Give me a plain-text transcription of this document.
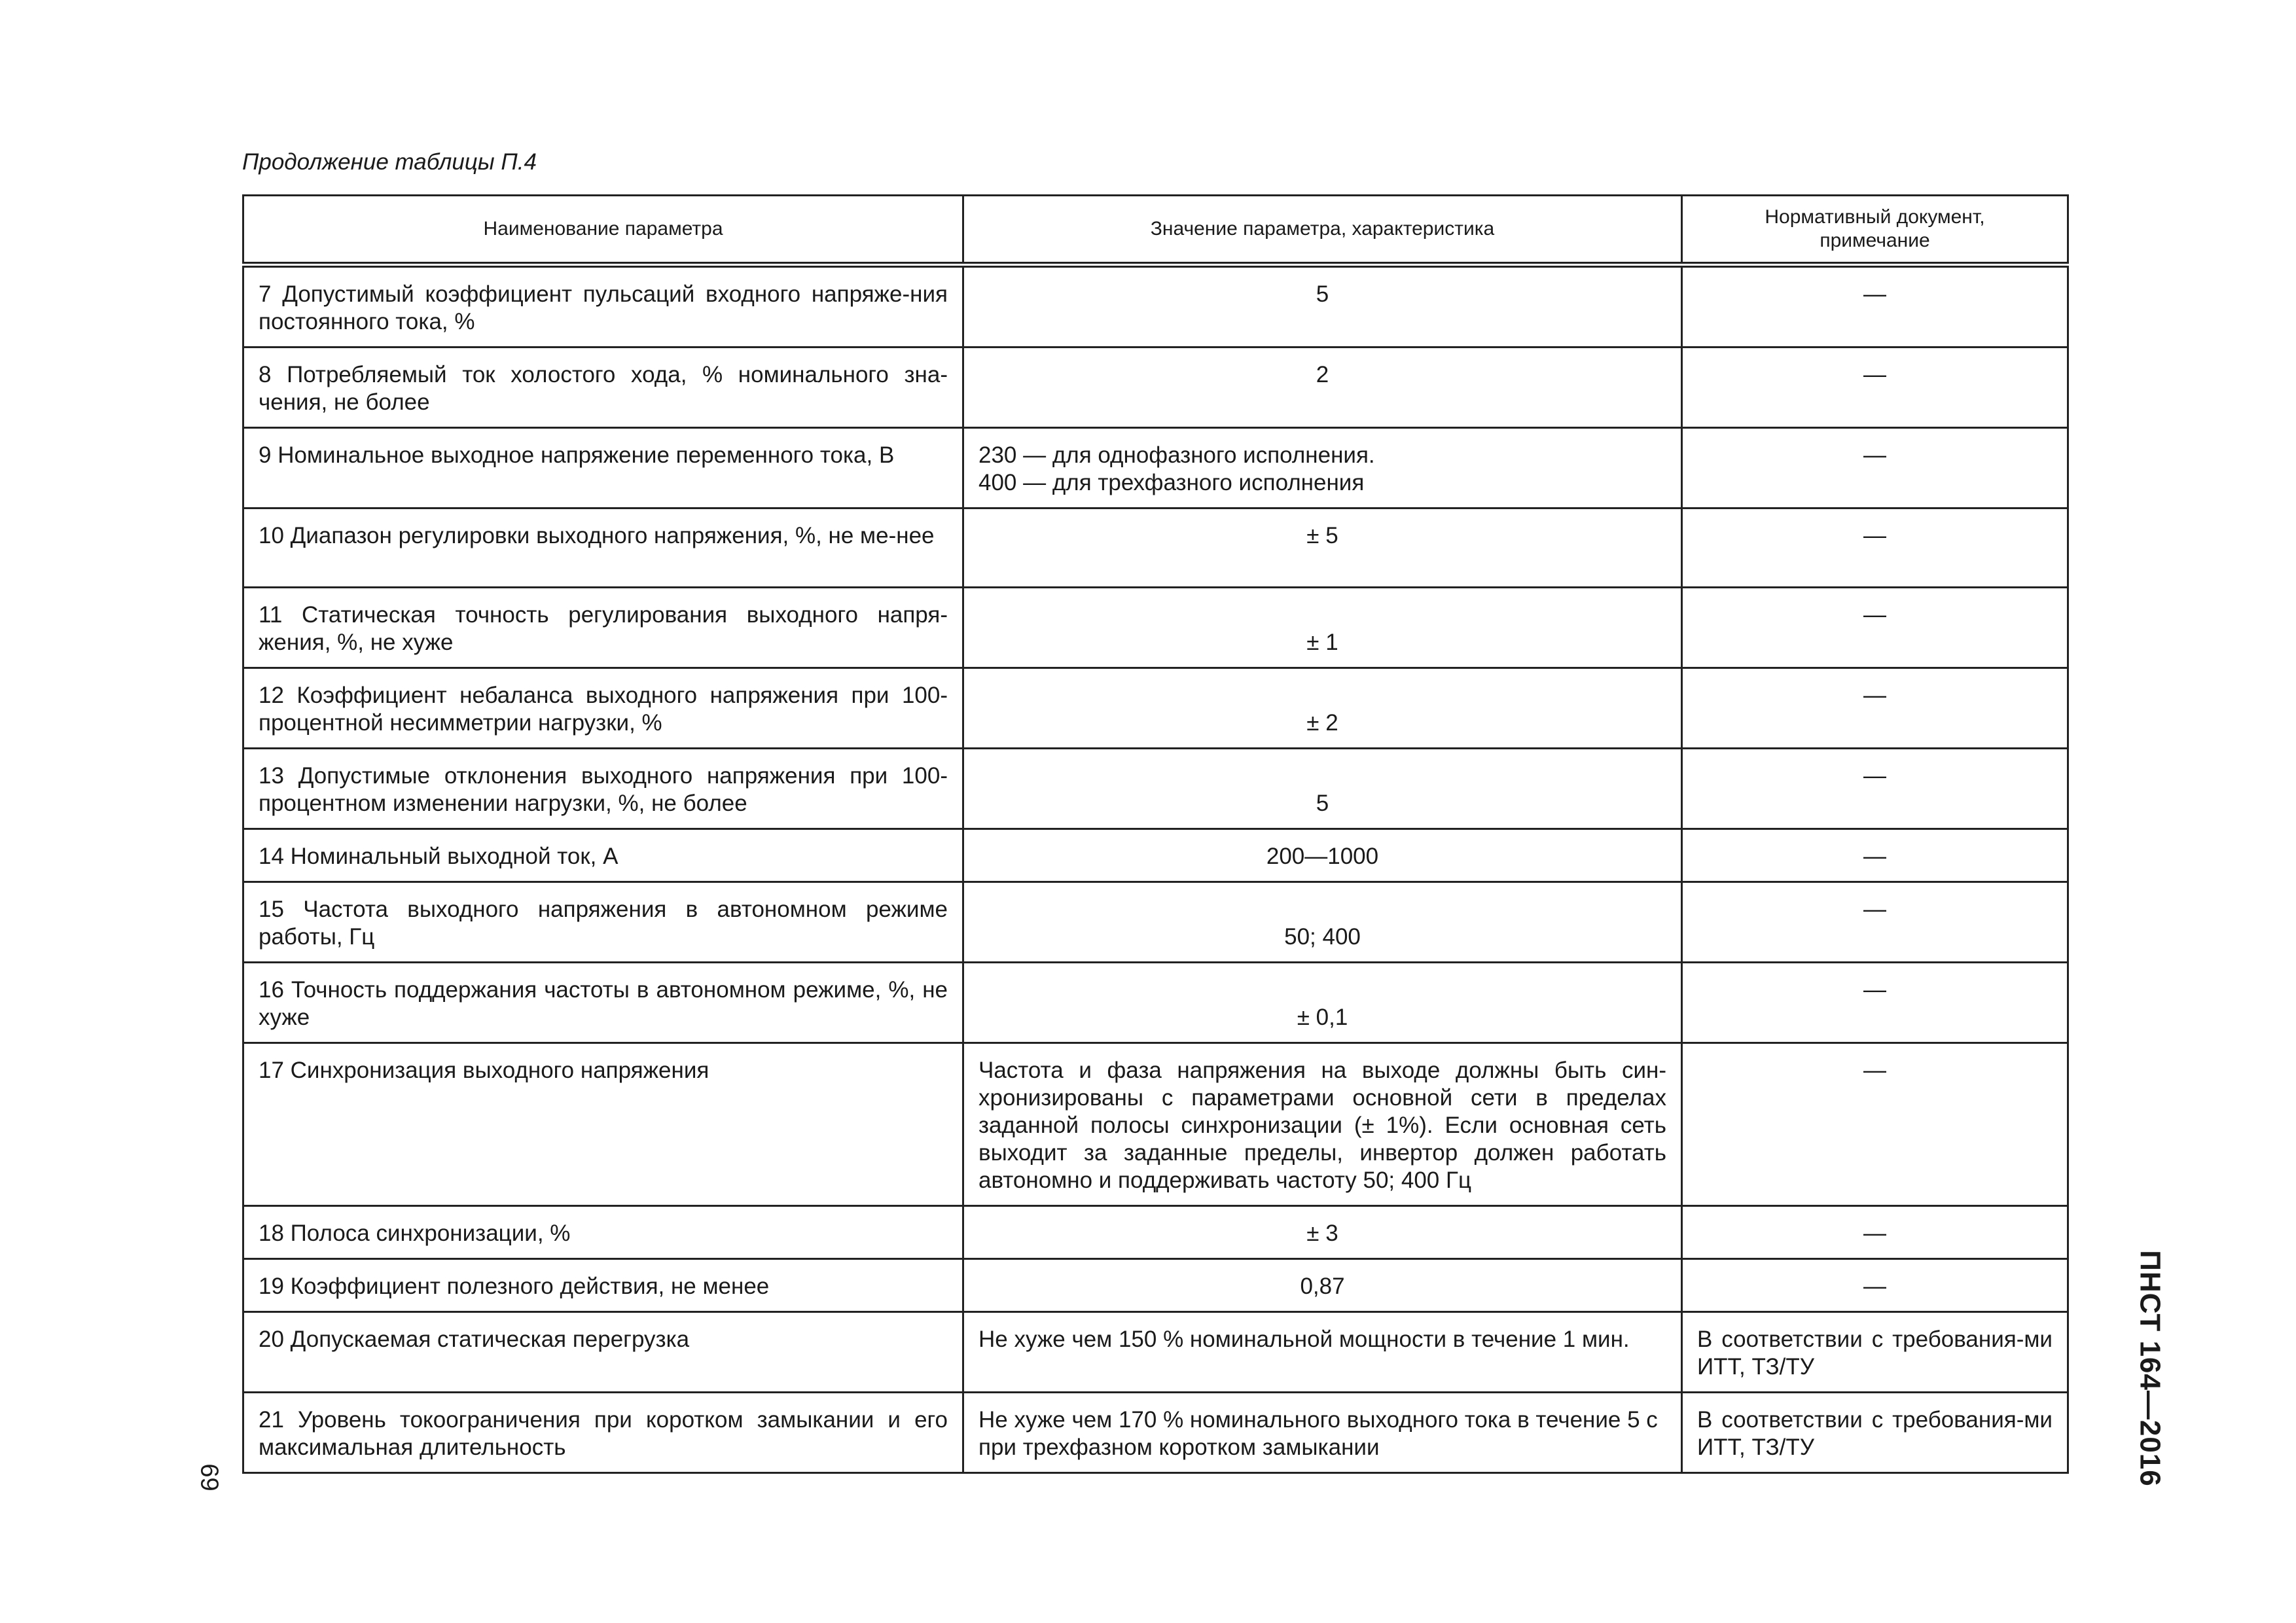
Продолжение таблицы П.4
Наименование параметра	Значение параметра, характеристика	Нормативный документ,
примечание
7 Допустимый коэффициент пульсаций входного напряже-ния постоянного тока, %	5	—
8 Потребляемый ток холостого хода, % номинального зна-чения, не более	2	—
9 Номинальное выходное напряжение переменного тока, В	230 — для однофазного исполнения.
400 — для трехфазного исполнения	—
10 Диапазон регулировки выходного напряжения, %, не ме-нее	± 5	—
11 Статическая точность регулирования выходного напря-жения, %, не хуже	± 1	—
12 Коэффициент небаланса выходного напряжения при 100-процентной несимметрии нагрузки, %	± 2	—
13 Допустимые отклонения выходного напряжения при 100-процентном изменении нагрузки, %, не более	5	—
14 Номинальный выходной ток, А	200—1000	—
15 Частота выходного напряжения в автономном режиме работы, Гц	50; 400	—
16 Точность поддержания частоты в автономном режиме, %, не хуже	± 0,1	—
17 Синхронизация выходного напряжения	Частота и фаза напряжения на выходе должны быть син-хронизированы с параметрами основной сети в пределах заданной полосы синхронизации (± 1%). Если основная сеть выходит за заданные пределы, инвертор должен работать автономно и поддерживать частоту 50; 400 Гц	—
18 Полоса синхронизации, %	± 3	—
19 Коэффициент полезного действия, не менее	0,87	—
20 Допускаемая статическая перегрузка	Не хуже чем 150 % номинальной мощности в течение 1 мин.	В соответствии с требования-ми ИТТ, ТЗ/ТУ
21 Уровень токоограничения при коротком замыкании и его максимальная длительность	Не хуже чем 170 % номинального выходного тока в течение 5 с при трехфазном коротком замыкании	В соответствии с требования-ми ИТТ, ТЗ/ТУ
69	ПНСТ 164—2016
